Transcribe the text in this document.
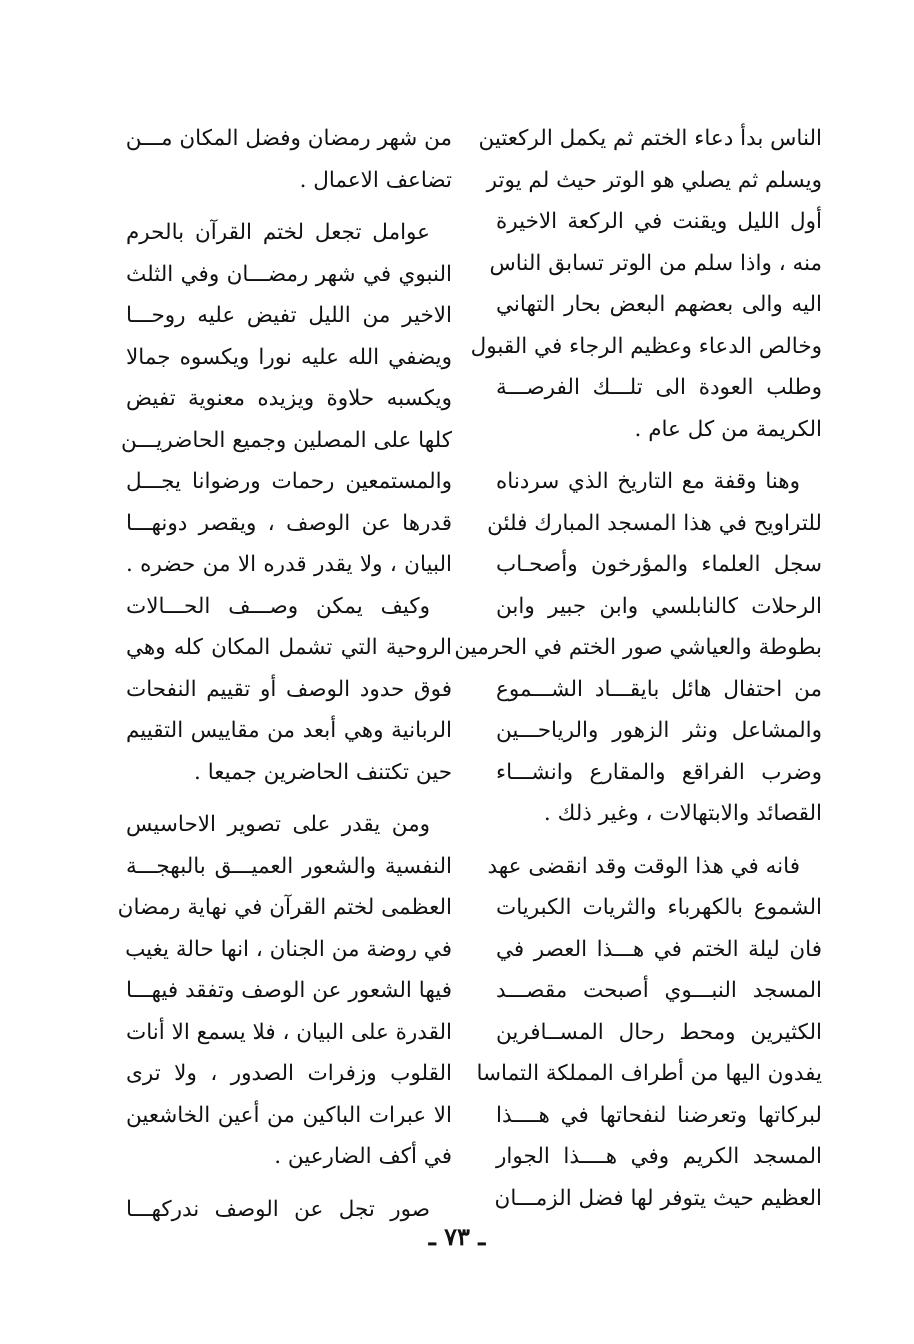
الناس بدأ دعاء الختم ثم يكمل الركعتين
ويسلم ثم يصلي هو الوتر حيث لم يوتر
أول الليل ويقنت في الركعة الاخيرة
منه ، واذا سلم من الوتر تسابق الناس
اليه والى بعضهم البعض بحار التهاني
وخالص الدعاء وعظيم الرجاء في القبول
وطلب العودة الى تلـــك الفرصـــة
الكريمة من كل عام .
وهنا وقفة مع التاريخ الذي سردناه
للتراويح في هذا المسجد المبارك فلئن
سجل العلماء والمؤرخون وأصحـاب
الرحلات كالنابلسي وابن جبير وابن
بطوطة والعياشي صور الختم في الحرمين
من احتفال هائل بايقـــاد الشـــموع
والمشاعل ونثر الزهور والرياحـــين
وضرب الفراقع والمقارع وانشـــاء
القصائد والابتهالات ، وغير ذلك .
فانه في هذا الوقت وقد انقضى عهد
الشموع بالكهرباء والثريات الكبريات
فان ليلة الختم في هـــذا العصر في
المسجد النبـــوي أصبحت مقصـــد
الكثيرين ومحط رحال المســافرين
يفدون اليها من أطراف المملكة التماسا
لبركاتها وتعرضنا لنفحاتها في هــــذا
المسجد الكريم وفي هــــذا الجوار
العظيم حيث يتوفر لها فضل الزمـــان
من شهر رمضان وفضل المكان مـــن
تضاعف الاعمال .
عوامل تجعل لختم القرآن بالحرم
النبوي في شهر رمضـــان وفي الثلث
الاخير من الليل تفيض عليه روحـــا
ويضفي الله عليه نورا ويكسوه جمالا
ويكسبه حلاوة ويزيده معنوية تفيض
كلها على المصلين وجميع الحاضريـــن
والمستمعين رحمات ورضوانا يجـــل
قدرها عن الوصف ، ويقصر دونهـــا
البيان ، ولا يقدر قدره الا من حضره .
وكيف يمكن وصـــف الحـــالات
الروحية التي تشمل المكان كله وهي
فوق حدود الوصف أو تقييم النفحات
الربانية وهي أبعد من مقاييس التقييم
حين تكتنف الحاضرين جميعا .
ومن يقدر على تصوير الاحاسيس
النفسية والشعور العميـــق بالبهجـــة
العظمى لختم القرآن في نهاية رمضان
في روضة من الجنان ، انها حالة يغيب
فيها الشعور عن الوصف وتفقد فيهـــا
القدرة على البيان ، فلا يسمع الا أنات
القلوب وزفرات الصدور ، ولا ترى
الا عبرات الباكين من أعين الخاشعين
في أكف الضارعين .
صور تجل عن الوصف ندركهـــا
ـ ٧٣ ـ
